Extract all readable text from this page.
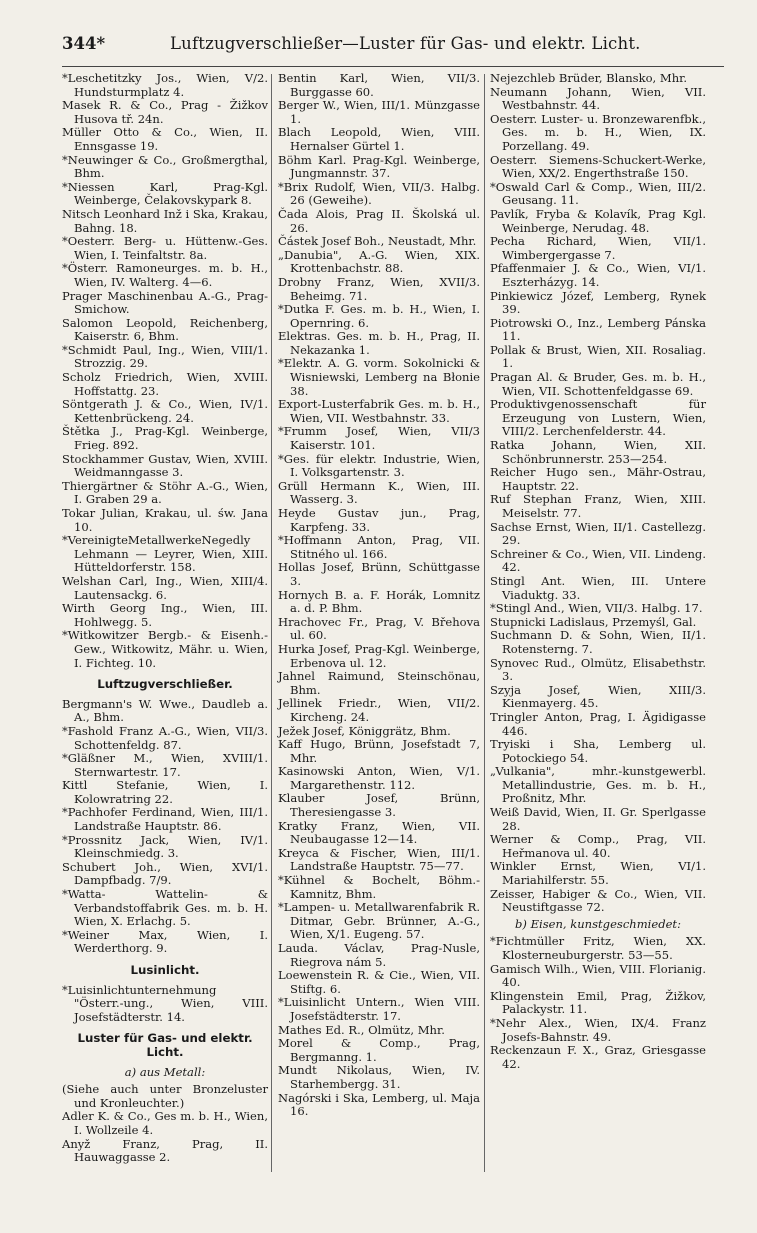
344*	Luftzugverschließer—Luster für Gas- und elektr. Licht.

*Leschetitzky Jos., Wien, V/2. Hundsturmplatz 4.

Masek R. & Co., Prag - Žižkov Husova tř. 24n.

Müller Otto & Co., Wien, II. Ennsgasse 19.

*Neuwinger & Co., Großmergthal, Bhm.

*Niessen Karl, Prag-Kgl. Weinberge, Čelakovskypark 8.

Nitsch Leonhard Inž i Ska, Krakau, Bahng. 18.

*Oesterr. Berg- u. Hüttenw.-Ges. Wien, I. Teinfaltstr. 8a.

*Österr. Ramoneurges. m. b. H., Wien, IV. Walterg. 4—6.

Prager Maschinenbau A.-G., Prag-Smichow.

Salomon Leopold, Reichenberg, Kaiserstr. 6, Bhm.

*Schmidt Paul, Ing., Wien, VIII/1. Strozzig. 29.

Scholz Friedrich, Wien, XVIII. Hoffstattg. 23.

Söntgerath J. & Co., Wien, IV/1. Kettenbrückeng. 24.

Štětka J., Prag-Kgl. Weinberge, Frieg. 892.

Stockhammer Gustav, Wien, XVIII. Weidmanngasse 3.

Thiergärtner & Stöhr A.-G., Wien, I. Graben 29 a.

Tokar Julian, Krakau, ul. św. Jana 10.

*VereinigteMetallwerkeNegedly Lehmann — Leyrer, Wien, XIII. Hütteldorferstr. 158.

Welshan Carl, Ing., Wien, XIII/4. Lautensackg. 6.

Wirth Georg Ing., Wien, III. Hohlwegg. 5.

*Witkowitzer Bergb.- & Eisenh.-Gew., Witkowitz, Mähr. u. Wien, I. Fichteg. 10.

Luftzugverschließer.

Bergmann's W. Wwe., Daudleb a. A., Bhm.

*Fashold Franz A.-G., Wien, VII/3. Schottenfeldg. 87.

*Gläßner M., Wien, XVIII/1. Sternwartestr. 17.

Kittl Stefanie, Wien, I. Kolowratring 22.

*Pachhofer Ferdinand, Wien, III/1. Landstraße Hauptstr. 86.

*Prossnitz Jack, Wien, IV/1. Kleinschmiedg. 3.

Schubert Joh., Wien, XVI/1. Dampfbadg. 7/9.

*Watta- Wattelin- & Verbandstoffabrik Ges. m. b. H. Wien, X. Erlachg. 5.

*Weiner Max, Wien, I. Werderthorg. 9.

Lusinlicht.

*Luisinlichtunternehmung "Österr.-ung., Wien, VIII. Josefstädterstr. 14.

Luster für Gas- und elektr. Licht.
a) aus Metall:

(Siehe auch unter Bronzeluster und Kronleuchter.)

Adler K. & Co., Ges m. b. H., Wien, I. Wollzeile 4.

Anyž Franz, Prag, II. Hauwaggasse 2.

Bentin Karl, Wien, VII/3. Burggasse 60.

Berger W., Wien, III/1. Münzgasse 1.

Blach Leopold, Wien, VIII. Hernalser Gürtel 1.

Böhm Karl. Prag-Kgl. Weinberge, Jungmannstr. 37.

*Brix Rudolf, Wien, VII/3. Halbg. 26 (Geweihe).

Čada Alois, Prag II. Školská ul. 26.

Částek Josef Boh., Neustadt, Mhr.

„Danubia", A.-G. Wien, XIX. Krottenbachstr. 88.

Drobny Franz, Wien, XVII/3. Beheimg. 71.

*Dutka F. Ges. m. b. H., Wien, I. Opernring. 6.

Elektras. Ges. m. b. H., Prag, II. Nekazanka 1.

*Elektr. A. G. vorm. Sokolnicki & Wisniewski, Lemberg na Błonie 38.

Export-Lusterfabrik Ges. m. b. H., Wien, VII. Westbahnstr. 33.

*Frumm Josef, Wien, VII/3 Kaiserstr. 101.

*Ges. für elektr. Industrie, Wien, I. Volksgartenstr. 3.

Grüll Hermann K., Wien, III. Wasserg. 3.

Heyde Gustav jun., Prag, Karpfeng. 33.

*Hoffmann Anton, Prag, VII. Stitného ul. 166.

Hollas Josef, Brünn, Schüttgasse 3.

Hornych B. a. F. Horák, Lomnitz a. d. P. Bhm.

Hrachovec Fr., Prag, V. Břehova ul. 60.

Hurka Josef, Prag-Kgl. Weinberge, Erbenova ul. 12.

Jahnel Raimund, Steinschönau, Bhm.

Jellinek Friedr., Wien, VII/2. Kircheng. 24.

Ježek Josef, Königgrätz, Bhm.

Kaff Hugo, Brünn, Josefstadt 7, Mhr.

Kasinowski Anton, Wien, V/1. Margarethenstr. 112.

Klauber Josef, Brünn, Theresiengasse 3.

Kratky Franz, Wien, VII. Neubaugasse 12—14.

Kreyca & Fischer, Wien, III/1. Landstraße Hauptstr. 75—77.

*Kühnel & Bochelt, Böhm.-Kamnitz, Bhm.

*Lampen- u. Metallwarenfabrik R. Ditmar, Gebr. Brünner, A.-G., Wien, X/1. Eugeng. 57.

Lauda. Václav, Prag-Nusle, Riegrova nám 5.

Loewenstein R. & Cie., Wien, VII. Stiftg. 6.

*Luisinlicht Untern., Wien VIII. Josefstädterstr. 17.

Mathes Ed. R., Olmütz, Mhr.

Morel & Comp., Prag, Bergmanng. 1.

Mundt Nikolaus, Wien, IV. Starhembergg. 31.

Nagórski i Ska, Lemberg, ul. Maja 16.

Nejezchleb Brüder, Blansko, Mhr.

Neumann Johann, Wien, VII. Westbahnstr. 44.

Oesterr. Luster- u. Bronzewarenfbk., Ges. m. b. H., Wien, IX. Porzellang. 49.

Oesterr. Siemens-Schuckert-Werke, Wien, XX/2. Engerthstraße 150.

*Oswald Carl & Comp., Wien, III/2. Geusang. 11.

Pavlík, Fryba & Kolavík, Prag Kgl. Weinberge, Nerudag. 48.

Pecha Richard, Wien, VII/1. Wimbergergasse 7.

Pfaffenmaier J. & Co., Wien, VI/1. Eszterházyg. 14.

Pinkiewicz Józef, Lemberg, Rynek 39.

Piotrowski O., Inz., Lemberg Pánska 11.

Pollak & Brust, Wien, XII. Rosaliag. 1.

Pragan Al. & Bruder, Ges. m. b. H., Wien, VII. Schottenfeldgasse 69.

Produktivgenossenschaft für Erzeugung von Lustern, Wien, VIII/2. Lerchenfelderstr. 44.

Ratka Johann, Wien, XII. Schönbrunnerstr. 253—254.

Reicher Hugo sen., Mähr-Ostrau, Hauptstr. 22.

Ruf Stephan Franz, Wien, XIII. Meiselstr. 77.

Sachse Ernst, Wien, II/1. Castellezg. 29.

Schreiner & Co., Wien, VII. Lindeng. 42.

Stingl Ant. Wien, III. Untere Viaduktg. 33.

*Stingl And., Wien, VII/3. Halbg. 17.

Stupnicki Ladislaus, Przemyśl, Gal.

Suchmann D. & Sohn, Wien, II/1. Rotensterng. 7.

Synovec Rud., Olmütz, Elisabethstr. 3.

Szyja Josef, Wien, XIII/3. Kienmayerg. 45.

Tringler Anton, Prag, I. Ägidigasse 446.

Tryiski i Sha, Lemberg ul. Potockiego 54.

„Vulkania", mhr.-kunstgewerbl. Metallindustrie, Ges. m. b. H., Proßnitz, Mhr.

Weiß David, Wien, II. Gr. Sperlgasse 28.

Werner & Comp., Prag, VII. Heřmanova ul. 40.

Winkler Ernst, Wien, VI/1. Mariahilferstr. 55.

Zeisser, Habiger & Co., Wien, VII. Neustiftgasse 72.

b) Eisen, kunstgeschmiedet:

*Fichtmüller Fritz, Wien, XX. Klosterneuburgerstr. 53—55.

Gamisch Wilh., Wien, VIII. Florianig. 40.

Klingenstein Emil, Prag, Žižkov, Palackystr. 11.

*Nehr Alex., Wien, IX/4. Franz Josefs-Bahnstr. 49.

Reckenzaun F. X., Graz, Griesgasse 42.
